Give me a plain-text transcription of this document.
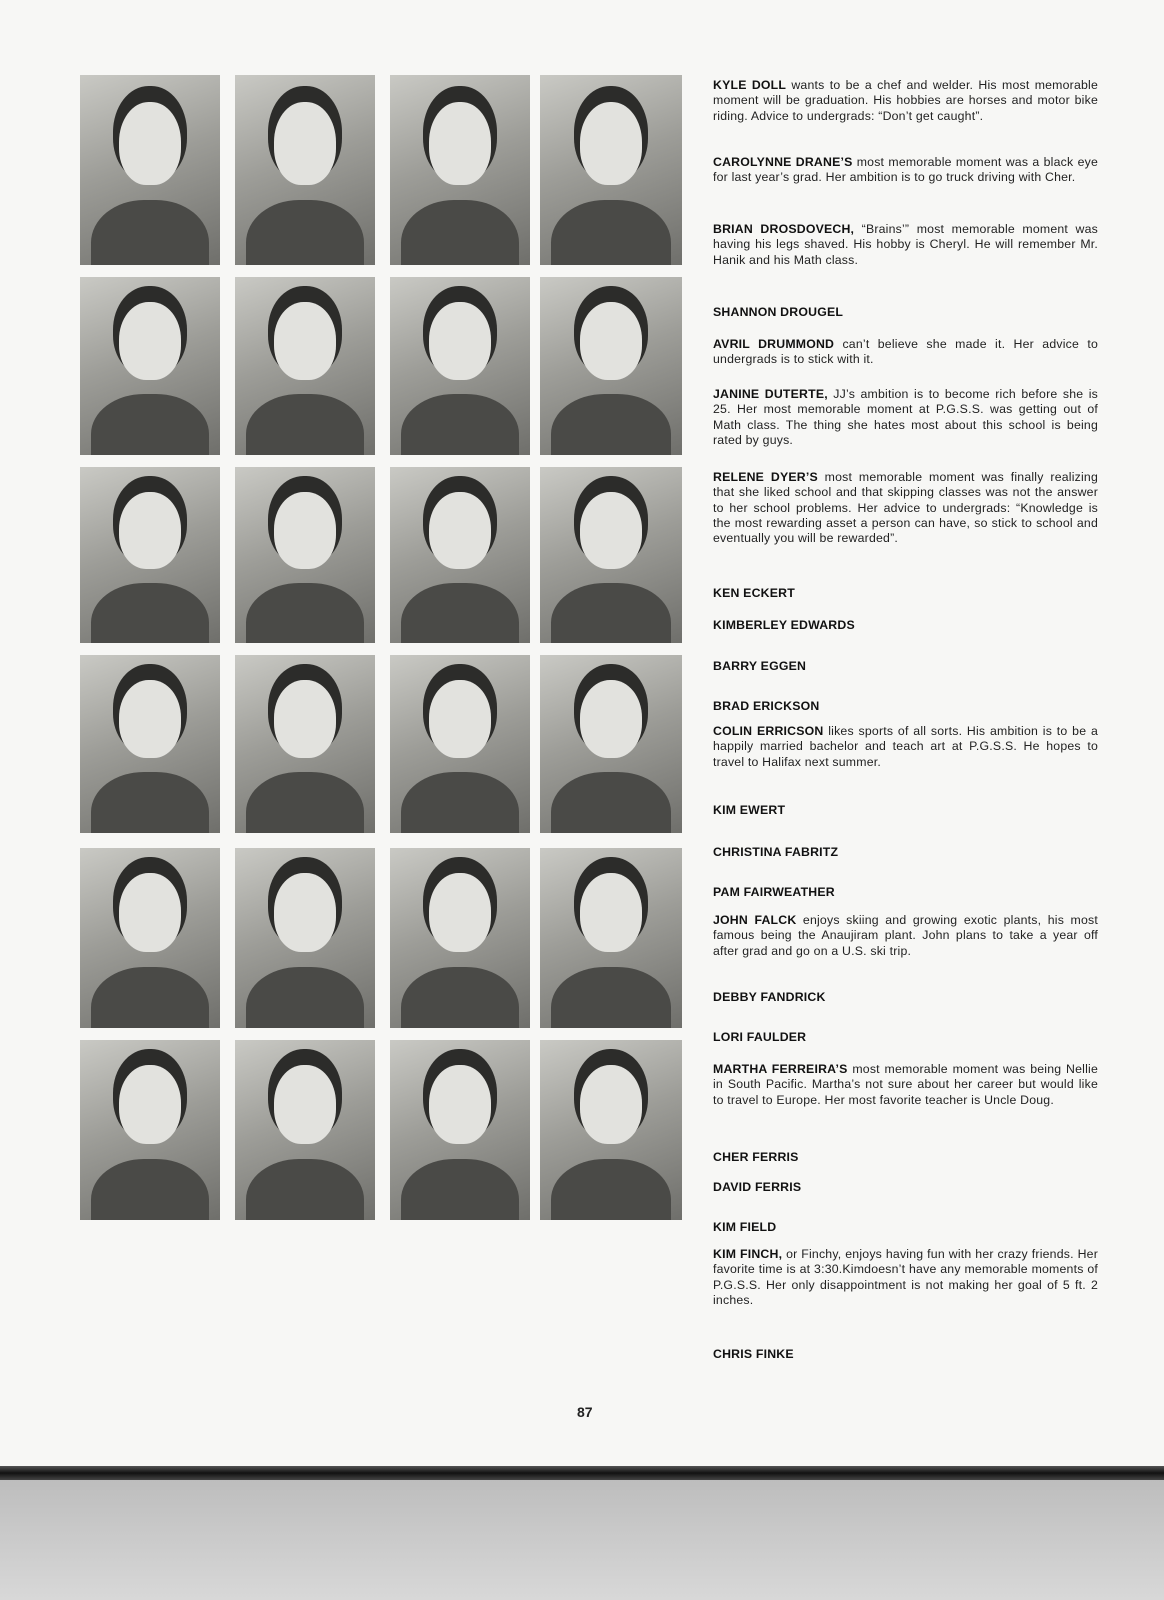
KYLE DOLL wants to be a chef and welder. His most memorable moment will be graduation. His hobbies are horses and motor bike riding. Advice to undergrads: “Don’t get caught”.
CAROLYNNE DRANE’S most memorable moment was a black eye for last year’s grad. Her ambition is to go truck driving with Cher.
BRIAN DROSDOVECH, “Brains’” most memorable moment was having his legs shaved. His hobby is Cheryl. He will remember Mr. Hanik and his Math class.
SHANNON DROUGEL
AVRIL DRUMMOND can’t believe she made it. Her advice to undergrads is to stick with it.
JANINE DUTERTE, JJ’s ambition is to become rich before she is 25. Her most memorable moment at P.G.S.S. was getting out of Math class. The thing she hates most about this school is being rated by guys.
RELENE DYER’S most memorable moment was finally realizing that she liked school and that skipping classes was not the answer to her school problems. Her advice to undergrads: “Knowledge is the most rewarding asset a person can have, so stick to school and eventually you will be rewarded”.
KEN ECKERT
KIMBERLEY EDWARDS
BARRY EGGEN
BRAD ERICKSON
COLIN ERRICSON likes sports of all sorts. His ambition is to be a happily married bachelor and teach art at P.G.S.S. He hopes to travel to Halifax next summer.
KIM EWERT
CHRISTINA FABRITZ
PAM FAIRWEATHER
JOHN FALCK enjoys skiing and growing exotic plants, his most famous being the Anaujiram plant. John plans to take a year off after grad and go on a U.S. ski trip.
DEBBY FANDRICK
LORI FAULDER
MARTHA FERREIRA’S most memorable moment was being Nellie in South Pacific. Martha’s not sure about her career but would like to travel to Europe. Her most favorite teacher is Uncle Doug.
CHER FERRIS
DAVID FERRIS
KIM FIELD
KIM FINCH, or Finchy, enjoys having fun with her crazy friends. Her favorite time is at 3:30.Kimdoesn’t have any memorable moments of P.G.S.S. Her only disappointment is not making her goal of 5 ft. 2 inches.
CHRIS FINKE
87
